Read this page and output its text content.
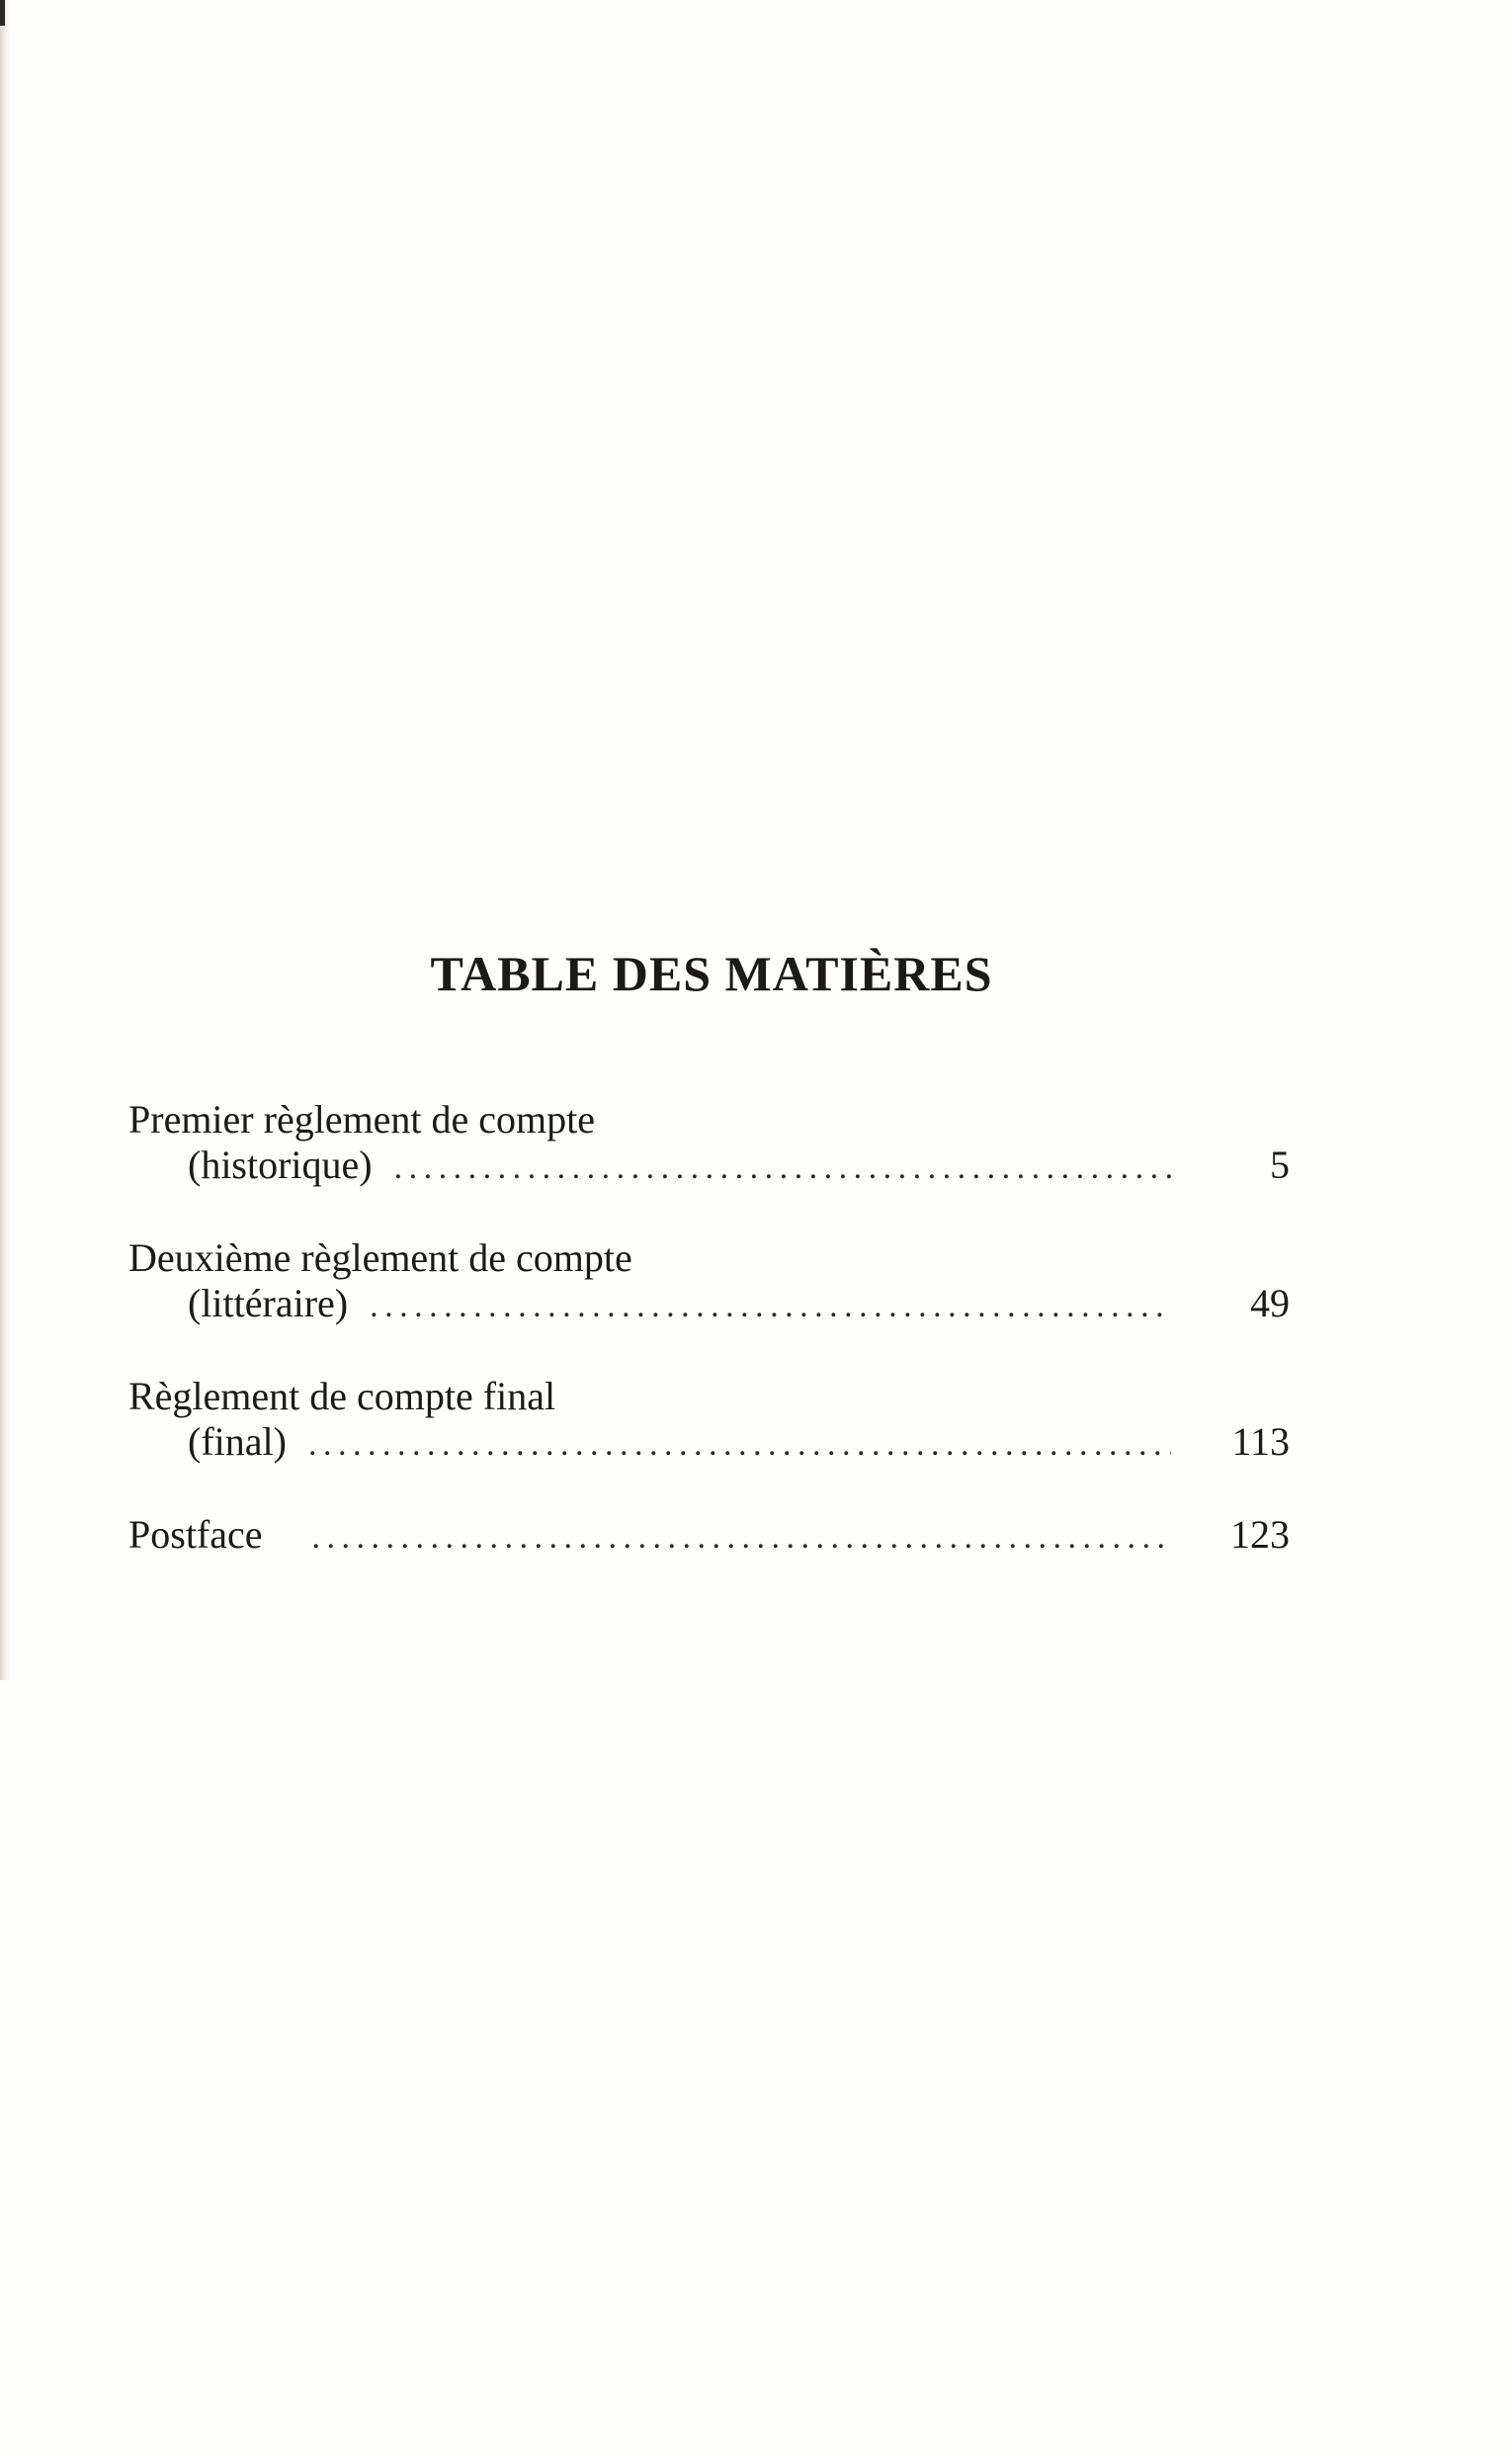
TABLE DES MATIÈRES
Premier règlement de compte
(historique) . . .	5
Deuxième règlement de compte
(littéraire) . . .	49
Règlement de compte final
(final) . . .	113
Postface . . .	123
